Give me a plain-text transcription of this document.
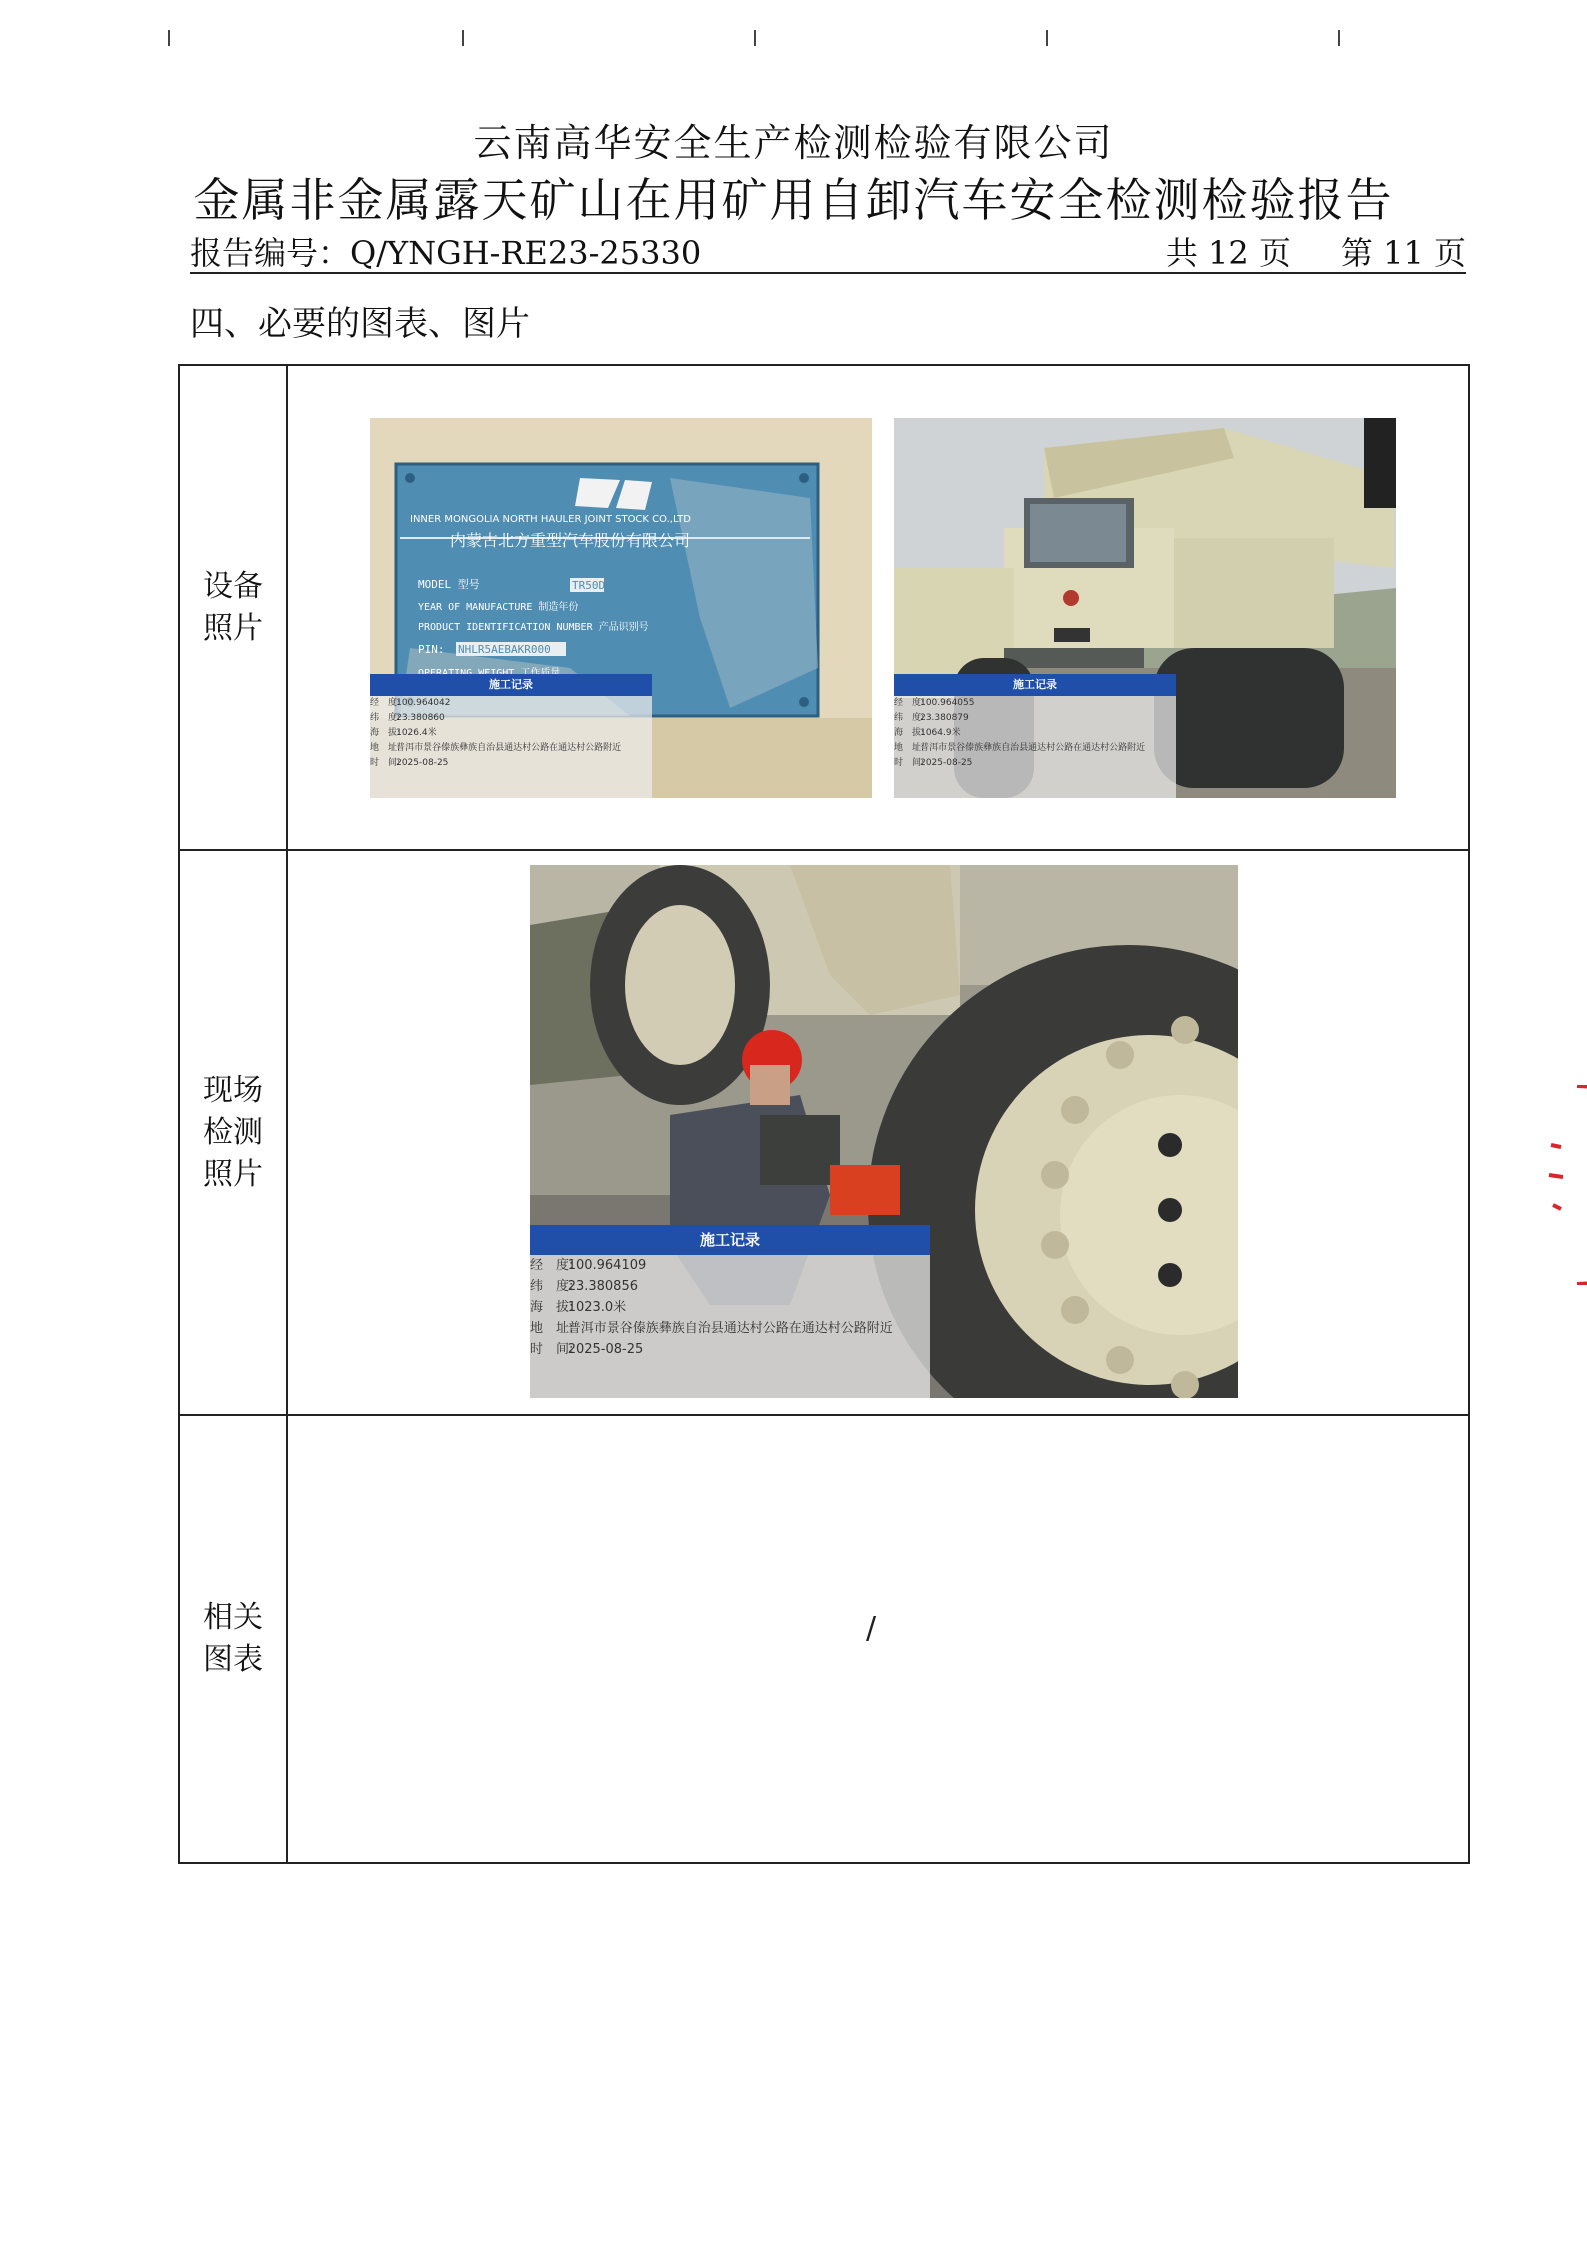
云南高华安全生产检测检验有限公司
金属非金属露天矿山在用矿用自卸汽车安全检测检验报告
报告编号：Q/YNGH-RE23-25330	共 12 页 第 11 页
四、必要的图表、图片
设备
照片
INNER MONGOLIA NORTH HAULER JOINT STOCK CO.,LTD
内蒙古北方重型汽车股份有限公司
MODEL 型号	TR50D
YEAR OF MANUFACTURE 制造年份
PRODUCT IDENTIFICATION NUMBER 产品识别号
PIN: NHLR5AEBAKR000
施工记录
经　度:
100.964042
纬　度:
23.380860
海　拔:
1026.4米
地　址:
普洱市景谷傣族彝族自治县通达村公路在通达村公路附近
时　间:
2025-08-25
施工记录
经　度:
100.964055
纬　度:
23.380879
海　拔:
1064.9米
地　址:
普洱市景谷傣族彝族自治县通达村公路在通达村公路附近
时　间:
2025-08-25
现场
检测
照片
施工记录
经　度:
100.964109
纬　度:
23.380856
海　拔:
1023.0米
地　址:
普洱市景谷傣族彝族自治县通达村公路在通达村公路附近
时　间:
2025-08-25
相关
图表
/
